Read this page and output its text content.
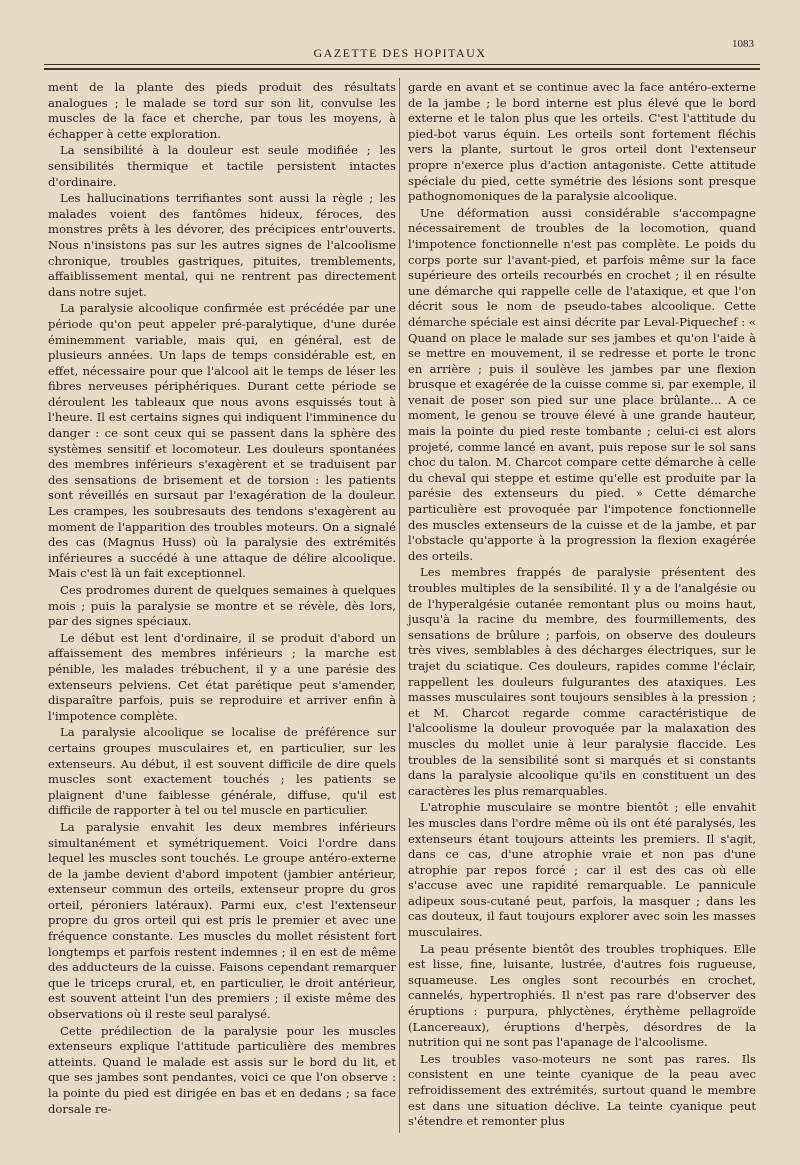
GAZETTE DES HOPITAUX
1083

ment de la plante des pieds produit des résultats analogues ; le malade se tord sur son lit, convulse les muscles de la face et cherche, par tous les moyens, à échapper à cette exploration.

La sensibilité à la douleur est seule modifiée ; les sensibilités thermique et tactile persistent intactes d'ordinaire.

Les hallucinations terrifiantes sont aussi la règle ; les malades voient des fantômes hideux, féroces, des monstres prêts à les dévorer, des précipices entr'ouverts. Nous n'insistons pas sur les autres signes de l'alcoolisme chronique, troubles gastriques, pituites, tremblements, affaiblissement mental, qui ne rentrent pas directement dans notre sujet.

La paralysie alcoolique confirmée est précédée par une période qu'on peut appeler pré-paralytique, d'une durée éminemment variable, mais qui, en général, est de plusieurs années. Un laps de temps considérable est, en effet, nécessaire pour que l'alcool ait le temps de léser les fibres nerveuses périphériques. Durant cette période se déroulent les tableaux que nous avons esquissés tout à l'heure. Il est certains signes qui indiquent l'imminence du danger : ce sont ceux qui se passent dans la sphère des systèmes sensitif et locomoteur. Les douleurs spontanées des membres inférieurs s'exagèrent et se traduisent par des sensations de brisement et de torsion : les patients sont réveillés en sursaut par l'exagération de la douleur. Les crampes, les soubresauts des tendons s'exagèrent au moment de l'apparition des troubles moteurs. On a signalé des cas (Magnus Huss) où la paralysie des extrémités inférieures a succédé à une attaque de délire alcoolique. Mais c'est là un fait exceptionnel.

Ces prodromes durent de quelques semaines à quelques mois ; puis la paralysie se montre et se révèle, dès lors, par des signes spéciaux.

Le début est lent d'ordinaire, il se produit d'abord un affaissement des membres inférieurs ; la marche est pénible, les malades trébuchent, il y a une parésie des extenseurs pelviens. Cet état parétique peut s'amender, disparaître parfois, puis se reproduire et arriver enfin à l'impotence complète.

La paralysie alcoolique se localise de préférence sur certains groupes musculaires et, en particulier, sur les extenseurs. Au début, il est souvent difficile de dire quels muscles sont exactement touchés ; les patients se plaignent d'une faiblesse générale, diffuse, qu'il est difficile de rapporter à tel ou tel muscle en particulier.

La paralysie envahit les deux membres inférieurs simultanément et symétriquement. Voici l'ordre dans lequel les muscles sont touchés. Le groupe antéro-externe de la jambe devient d'abord impotent (jambier antérieur, extenseur commun des orteils, extenseur propre du gros orteil, péroniers latéraux). Parmi eux, c'est l'extenseur propre du gros orteil qui est pris le premier et avec une fréquence constante. Les muscles du mollet résistent fort longtemps et parfois restent indemnes ; il en est de même des adducteurs de la cuisse. Faisons cependant remarquer que le triceps crural, et, en particulier, le droit antérieur, est souvent atteint l'un des premiers ; il existe même des observations où il reste seul paralysé.

Cette prédilection de la paralysie pour les muscles extenseurs explique l'attitude particulière des membres atteints. Quand le malade est assis sur le bord du lit, et que ses jambes sont pendantes, voici ce que l'on observe : la pointe du pied est dirigée en bas et en dedans ; sa face dorsale re-

garde en avant et se continue avec la face antéro-externe de la jambe ; le bord interne est plus élevé que le bord externe et le talon plus que les orteils. C'est l'attitude du pied-bot varus équin. Les orteils sont fortement fléchis vers la plante, surtout le gros orteil dont l'extenseur propre n'exerce plus d'action antagoniste. Cette attitude spéciale du pied, cette symétrie des lésions sont presque pathognomoniques de la paralysie alcoolique.

Une déformation aussi considérable s'accompagne nécessairement de troubles de la locomotion, quand l'impotence fonctionnelle n'est pas complète. Le poids du corps porte sur l'avant-pied, et parfois même sur la face supérieure des orteils recourbés en crochet ; il en résulte une démarche qui rappelle celle de l'ataxique, et que l'on décrit sous le nom de pseudo-tabes alcoolique. Cette démarche spéciale est ainsi décrite par Leval-Piquechef : « Quand on place le malade sur ses jambes et qu'on l'aide à se mettre en mouvement, il se redresse et porte le tronc en arrière ; puis il soulève les jambes par une flexion brusque et exagérée de la cuisse comme si, par exemple, il venait de poser son pied sur une place brûlante... A ce moment, le genou se trouve élevé à une grande hauteur, mais la pointe du pied reste tombante ; celui-ci est alors projeté, comme lancé en avant, puis repose sur le sol sans choc du talon. M. Charcot compare cette démarche à celle du cheval qui steppe et estime qu'elle est produite par la parésie des extenseurs du pied. » Cette démarche particulière est provoquée par l'impotence fonctionnelle des muscles extenseurs de la cuisse et de la jambe, et par l'obstacle qu'apporte à la progression la flexion exagérée des orteils.

Les membres frappés de paralysie présentent des troubles multiples de la sensibilité. Il y a de l'analgésie ou de l'hyperalgésie cutanée remontant plus ou moins haut, jusqu'à la racine du membre, des fourmillements, des sensations de brûlure ; parfois, on observe des douleurs très vives, semblables à des décharges électriques, sur le trajet du sciatique. Ces douleurs, rapides comme l'éclair, rappellent les douleurs fulgurantes des ataxiques. Les masses musculaires sont toujours sensibles à la pression ; et M. Charcot regarde comme caractéristique de l'alcoolisme la douleur provoquée par la malaxation des muscles du mollet unie à leur paralysie flaccide. Les troubles de la sensibilité sont si marqués et si constants dans la paralysie alcoolique qu'ils en constituent un des caractères les plus remarquables.

L'atrophie musculaire se montre bientôt ; elle envahit les muscles dans l'ordre même où ils ont été paralysés, les extenseurs étant toujours atteints les premiers. Il s'agit, dans ce cas, d'une atrophie vraie et non pas d'une atrophie par repos forcé ; car il est des cas où elle s'accuse avec une rapidité remarquable. Le pannicule adipeux sous-cutané peut, parfois, la masquer ; dans les cas douteux, il faut toujours explorer avec soin les masses musculaires.

La peau présente bientôt des troubles trophiques. Elle est lisse, fine, luisante, lustrée, d'autres fois rugueuse, squameuse. Les ongles sont recourbés en crochet, cannelés, hypertrophiés. Il n'est pas rare d'observer des éruptions : purpura, phlyctènes, érythème pellagroïde (Lancereaux), éruptions d'herpès, désordres de la nutrition qui ne sont pas l'apanage de l'alcoolisme.

Les troubles vaso-moteurs ne sont pas rares. Ils consistent en une teinte cyanique de la peau avec refroidissement des extrémités, surtout quand le membre est dans une situation déclive. La teinte cyanique peut s'étendre et remonter plus
